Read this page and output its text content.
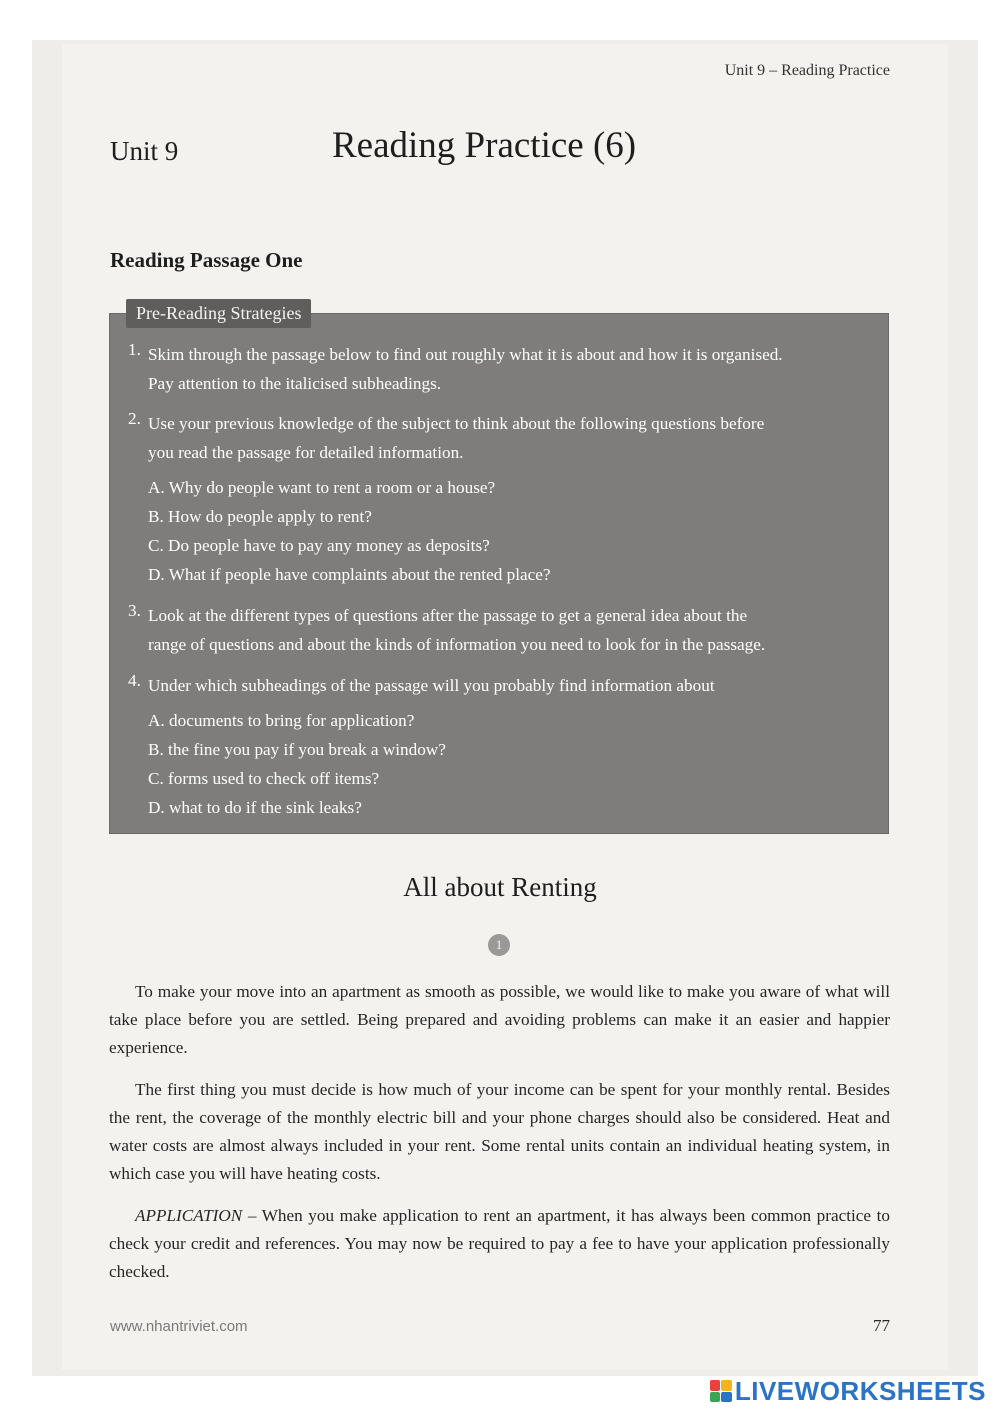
Unit 9 – Reading Practice
Unit 9	Reading Practice (6)
Reading Passage One
Pre-Reading Strategies
1. Skim through the passage below to find out roughly what it is about and how it is organised.
Pay attention to the italicised subheadings.
2. Use your previous knowledge of the subject to think about the following questions before
you read the passage for detailed information.
A. Why do people want to rent a room or a house?
B. How do people apply to rent?
C. Do people have to pay any money as deposits?
D. What if people have complaints about the rented place?
3. Look at the different types of questions after the passage to get a general idea about the
range of questions and about the kinds of information you need to look for in the passage.
4. Under which subheadings of the passage will you probably find information about
A. documents to bring for application?
B. the fine you pay if you break a window?
C. forms used to check off items?
D. what to do if the sink leaks?
All about Renting
1

To make your move into an apartment as smooth as possible, we would like to make you aware of what will take place before you are settled. Being prepared and avoiding problems can make it an easier and happier experience.

The first thing you must decide is how much of your income can be spent for your monthly rental. Besides the rent, the coverage of the monthly electric bill and your phone charges should also be considered. Heat and water costs are almost always included in your rent. Some rental units contain an individual heating system, in which case you will have heating costs.

APPLICATION – When you make application to rent an apartment, it has always been common practice to check your credit and references. You may now be required to pay a fee to have your application professionally checked.

www.nhantriviet.com	77
LIVEWORKSHEETS
